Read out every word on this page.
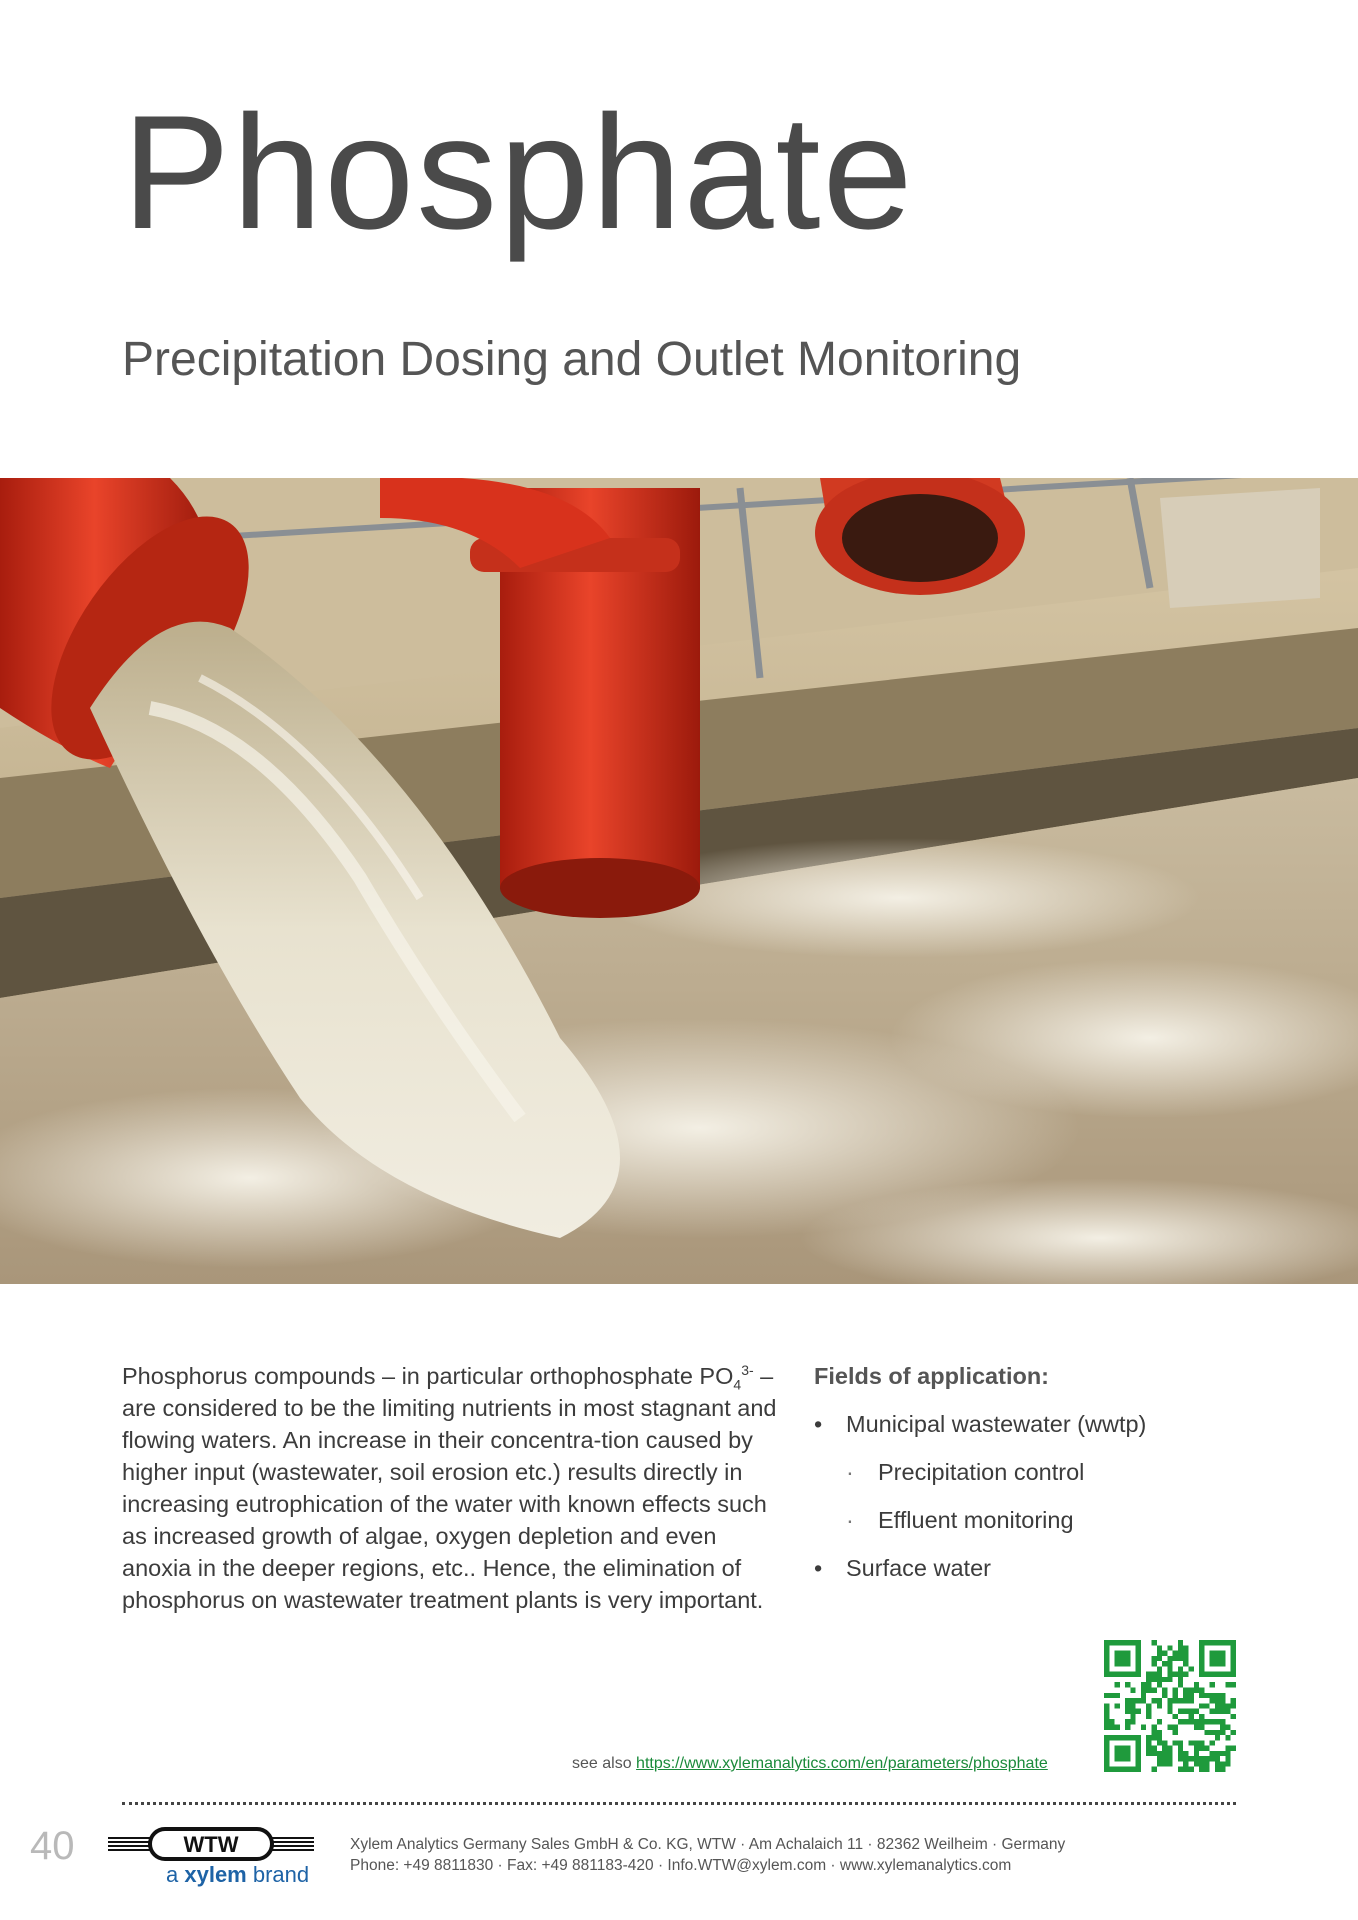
Phosphate
Precipitation Dosing and Outlet Monitoring

Phosphorus compounds – in particular orthophosphate $PO_4^{3-}$ – are considered to be the limiting nutrients in most stagnant and flowing waters. An increase in their concentra-tion caused by higher input (wastewater, soil erosion etc.) results directly in increasing eutrophication of the water with known effects such as increased growth of algae, oxygen depletion and even anoxia in the deeper regions, etc.. Hence, the elimination of phosphorus on wastewater treatment plants is very important.

Fields of application:
• Municipal wastewater (wwtp)
· Precipitation control
· Effluent monitoring
• Surface water
see also https://www.xylemanalytics.com/en/parameters/phosphate
40	WTW
a xylem brand
Xylem Analytics Germany Sales GmbH & Co. KG, WTW · Am Achalaich 11 · 82362 Weilheim · Germany
Phone: +49 8811830 · Fax: +49 881183-420 · Info.WTW@xylem.com · www.xylemanalytics.com
